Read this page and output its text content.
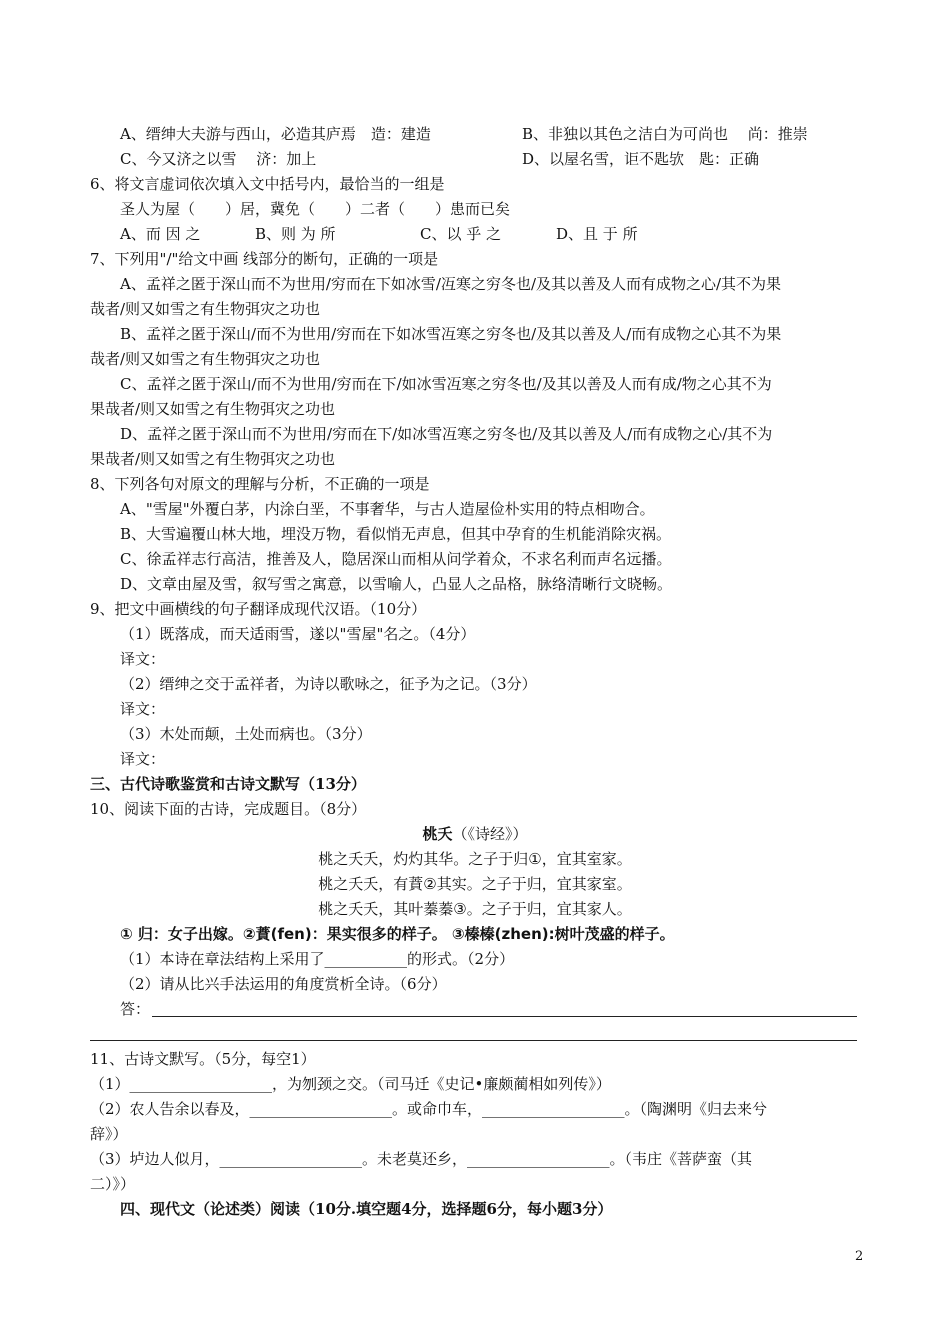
A、缙绅大夫游与西山，必造其庐焉　造：建造	B、非独以其色之洁白为可尚也　 尚：推崇
C、今又济之以雪　 济：加上	D、以屋名雪，讵不匙欤　匙：正确
6、将文言虚词依次填入文中括号内，最恰当的一组是
圣人为屋（　　）居，冀免（　　）二者（　　）患而已矣
A、而 因 之	B、则 为 所	C、以 乎 之	D、且 于 所
7、下列用"/"给文中画 线部分的断句，正确的一项是
A、孟祥之匿于深山而不为世用/穷而在下如冰雪/冱寒之穷冬也/及其以善及人而有成物之心/其不为果
哉者/则又如雪之有生物弭灾之功也
B、孟祥之匿于深山/而不为世用/穷而在下如冰雪冱寒之穷冬也/及其以善及人/而有成物之心其不为果
哉者/则又如雪之有生物弭灾之功也
C、孟祥之匿于深山/而不为世用/穷而在下/如冰雪冱寒之穷冬也/及其以善及人而有成/物之心其不为
果哉者/则又如雪之有生物弭灾之功也
D、孟祥之匿于深山而不为世用/穷而在下/如冰雪冱寒之穷冬也/及其以善及人/而有成物之心/其不为
果哉者/则又如雪之有生物弭灾之功也
8、下列各句对原文的理解与分析，不正确的一项是
A、"雪屋"外覆白茅，内涂白垩，不事奢华，与古人造屋俭朴实用的特点相吻合。
B、大雪遍覆山林大地，埋没万物，看似悄无声息，但其中孕育的生机能消除灾祸。
C、徐孟祥志行高洁，推善及人，隐居深山而相从问学着众，不求名利而声名远播。
D、文章由屋及雪，叙写雪之寓意，以雪喻人，凸显人之品格，脉络清晰行文晓畅。
9、把文中画横线的句子翻译成现代汉语。（10分）
（1）既落成，而天适雨雪，遂以"雪屋"名之。（4分）
译文：
（2）缙绅之交于孟祥者，为诗以歌咏之，征予为之记。（3分）
译文：
（3）木处而颠，土处而病也。（3分）
译文：
三、古代诗歌鉴赏和古诗文默写（13分）
10、阅读下面的古诗，完成题目。（8分）
桃夭（《诗经》）
桃之夭夭，灼灼其华。之子于归①，宜其室家。
桃之夭夭，有蕡②其实。之子于归，宜其家室。
桃之夭夭，其叶蓁蓁③。之子于归，宜其家人。
① 归：女子出嫁。②蕡(fen)：果实很多的样子。 ③榛榛(zhen):树叶茂盛的样子。
（1）本诗在章法结构上采用了___________的形式。（2分）
（2）请从比兴手法运用的角度赏析全诗。（6分）
答：
11、古诗文默写。（5分，每空1）
（1）___________________，为刎颈之交。（司马迁《史记•廉颇蔺相如列传》）
（2）农人告余以春及，___________________。或命巾车，___________________。（陶渊明《归去来兮
辞》）
（3）垆边人似月，___________________。未老莫还乡，___________________。（韦庄《菩萨蛮（其
二）》）
四、现代文（论述类）阅读（10分.填空题4分，选择题6分，每小题3分）
2
